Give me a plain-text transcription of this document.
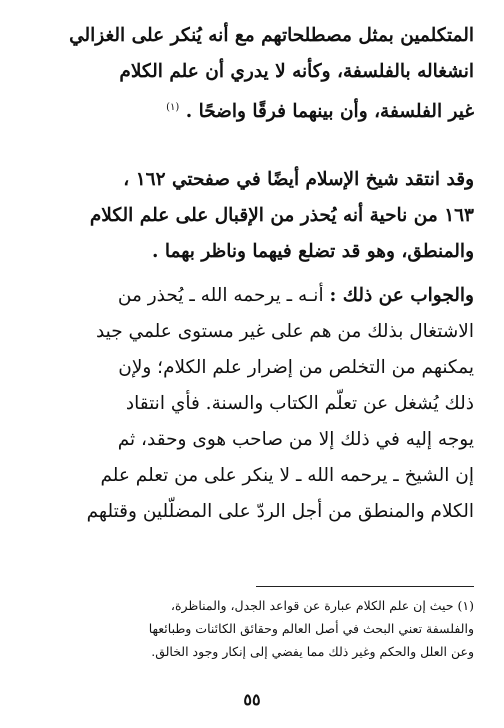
المتكلمين بمثل مصطلحاتهم مع أنه يُنكر على الغزالي
انشغاله بالفلسفة، وكأنه لا يدري أن علم الكلام
غير الفلسفة، وأن بينهما فرقًا واضحًا . $^{(١)}$
وقد انتقد شيخ الإسلام أيضًا في صفحتي ١٦٢ ،
١٦٣ من ناحية أنه يُحذر من الإقبال على علم الكلام
والمنطق، وهو قد تضلع فيهما وناظر بهما .
والجواب عن ذلك : أنـه ـ يرحمه الله ـ يُحذر من
الاشتغال بذلك من هم على غير مستوى علمي جيد
يمكنهم من التخلص من إضرار علم الكلام؛ ولإن
ذلك يُشغل عن تعلّم الكتاب والسنة. فأي انتقاد
يوجه إليه في ذلك إلا من صاحب هوى وحقد، ثم
إن الشيخ ـ يرحمه الله ـ لا ينكر على من تعلم علم
الكلام والمنطق من أجل الردّ على المضلّلين وقتلهم
(١) حيث إن علم الكلام عبارة عن قواعد الجدل، والمناظرة،
والفلسفة تعني البحث في أصل العالم وحقائق الكائنات وطبائعها
وعن العلل والحكم وغير ذلك مما يفضي إلى إنكار وجود الخالق.
٥٥
